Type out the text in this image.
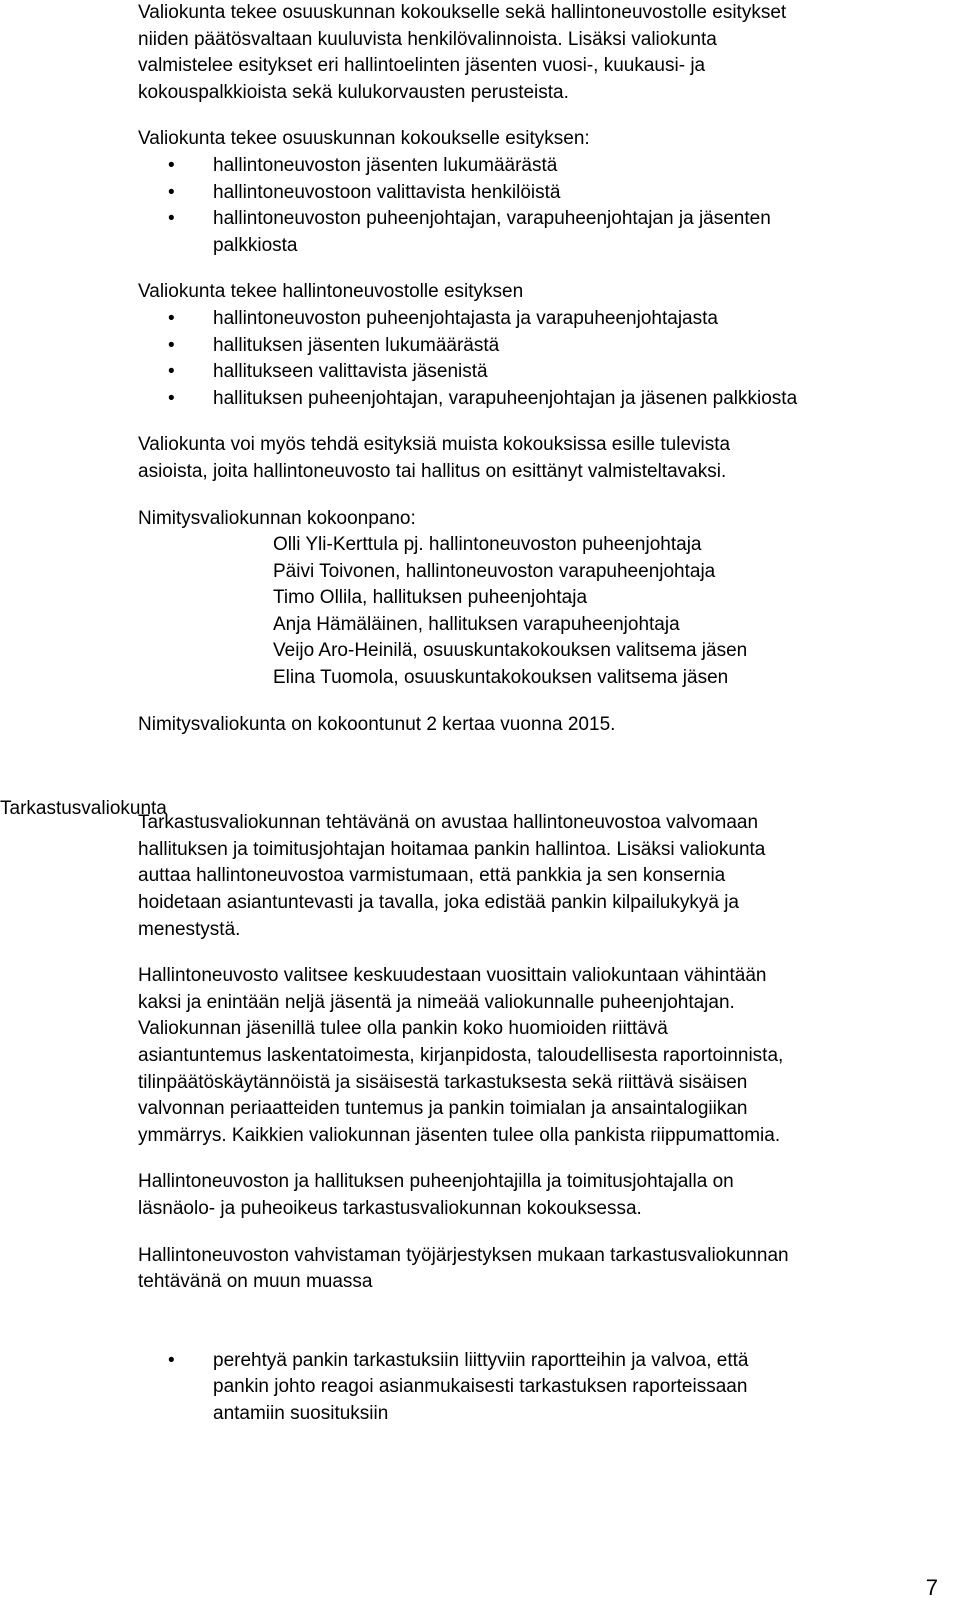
Valiokunta tekee osuuskunnan kokoukselle sekä hallintoneuvostolle esitykset
niiden päätösvaltaan kuuluvista henkilövalinnoista. Lisäksi valiokunta
valmistelee esitykset eri hallintoelinten jäsenten vuosi-, kuukausi- ja
kokouspalkkioista sekä kulukorvausten perusteista.
Valiokunta tekee osuuskunnan kokoukselle esityksen:
• hallintoneuvoston jäsenten lukumäärästä
• hallintoneuvostoon valittavista henkilöistä
• hallintoneuvoston puheenjohtajan, varapuheenjohtajan ja jäsenten
palkkiosta
Valiokunta tekee hallintoneuvostolle esityksen
• hallintoneuvoston puheenjohtajasta ja varapuheenjohtajasta
• hallituksen jäsenten lukumäärästä
• hallitukseen valittavista jäsenistä
• hallituksen puheenjohtajan, varapuheenjohtajan ja jäsenen palkkiosta
Valiokunta voi myös tehdä esityksiä muista kokouksissa esille tulevista
asioista, joita hallintoneuvosto tai hallitus on esittänyt valmisteltavaksi.
Nimitysvaliokunnan kokoonpano:
Olli Yli-Kerttula pj. hallintoneuvoston puheenjohtaja
Päivi Toivonen, hallintoneuvoston varapuheenjohtaja
Timo Ollila, hallituksen puheenjohtaja
Anja Hämäläinen, hallituksen varapuheenjohtaja
Veijo Aro-Heinilä, osuuskuntakokouksen valitsema jäsen
Elina Tuomola, osuuskuntakokouksen valitsema jäsen
Nimitysvaliokunta on kokoontunut 2 kertaa vuonna 2015.
Tarkastusvaliokunnan tehtävänä on avustaa hallintoneuvostoa valvomaan
hallituksen ja toimitusjohtajan hoitamaa pankin hallintoa. Lisäksi valiokunta
auttaa hallintoneuvostoa varmistumaan, että pankkia ja sen konsernia
hoidetaan asiantuntevasti ja tavalla, joka edistää pankin kilpailukykyä ja
menestystä.
Hallintoneuvosto valitsee keskuudestaan vuosittain valiokuntaan vähintään
kaksi ja enintään neljä jäsentä ja nimeää valiokunnalle puheenjohtajan.
Valiokunnan jäsenillä tulee olla pankin koko huomioiden riittävä
asiantuntemus laskentatoimesta, kirjanpidosta, taloudellisesta raportoinnista,
tilinpäätöskäytännöistä ja sisäisestä tarkastuksesta sekä riittävä sisäisen
valvonnan periaatteiden tuntemus ja pankin toimialan ja ansaintalogiikan
ymmärrys. Kaikkien valiokunnan jäsenten tulee olla pankista riippumattomia.
Hallintoneuvoston ja hallituksen puheenjohtajilla ja toimitusjohtajalla on
läsnäolo- ja puheoikeus tarkastusvaliokunnan kokouksessa.
Hallintoneuvoston vahvistaman työjärjestyksen mukaan tarkastusvaliokunnan
tehtävänä on muun muassa
• perehtyä pankin tarkastuksiin liittyviin raportteihin ja valvoa, että
pankin johto reagoi asianmukaisesti tarkastuksen raporteissaan
antamiin suosituksiin
Tarkastusvaliokunta
7
